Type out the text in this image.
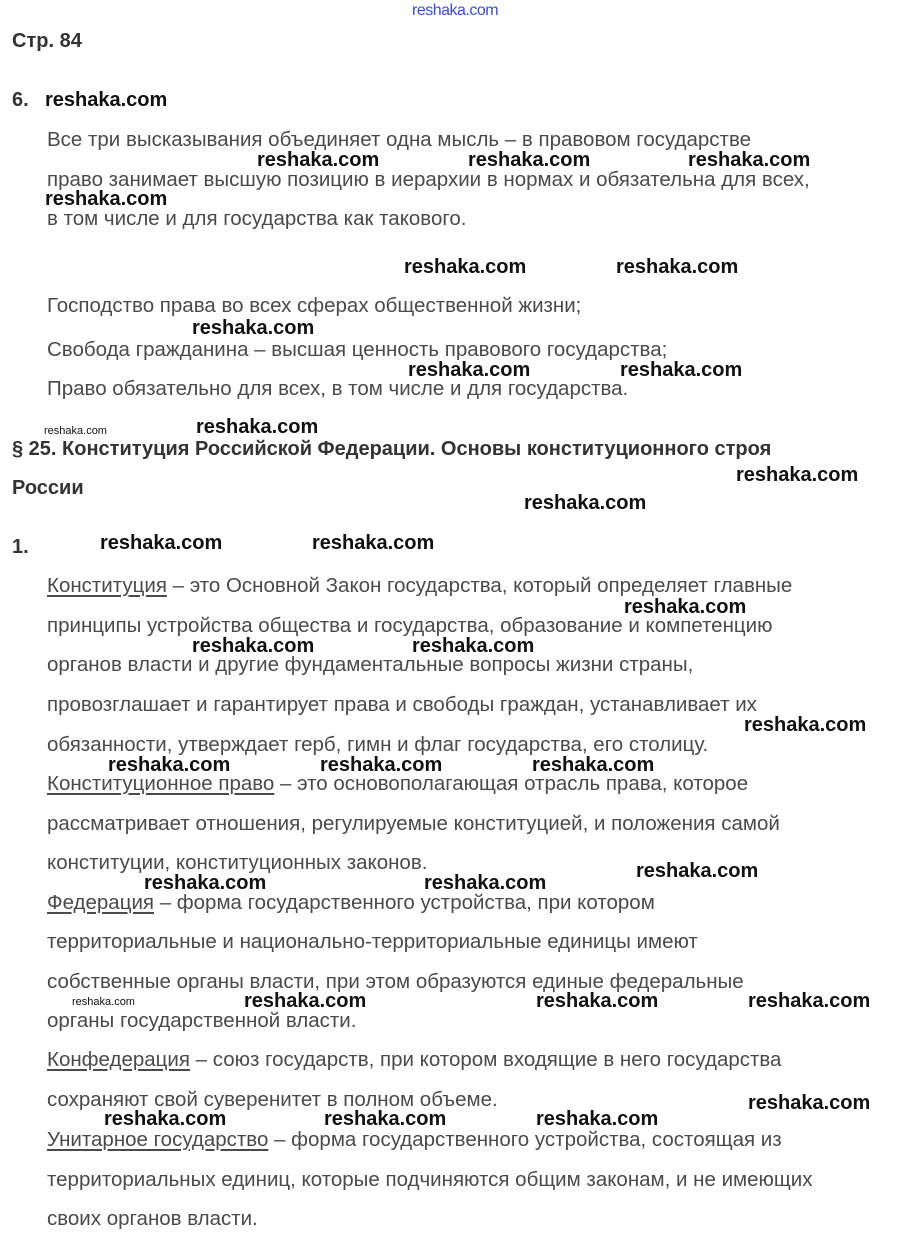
Стр. 84
6.
Все три высказывания объединяет одна мысль – в правовом государстве
право занимает высшую позицию в иерархии в нормах и обязательна для всех,
в том числе и для государства как такового.
Господство права во всех сферах общественной жизни;
Свобода гражданина – высшая ценность правового государства;
Право обязательно для всех, в том числе и для государства.
§ 25. Конституция Российской Федерации. Основы конституционного строя
России
1.
Конституция – это Основной Закон государства, который определяет главные
принципы устройства общества и государства, образование и компетенцию
органов власти и другие фундаментальные вопросы жизни страны,
провозглашает и гарантирует права и свободы граждан, устанавливает их
обязанности, утверждает герб, гимн и флаг государства, его столицу.
Конституционное право – это основополагающая отрасль права, которое
рассматривает отношения, регулируемые конституцией, и положения самой
конституции, конституционных законов.
Федерация – форма государственного устройства, при котором
территориальные и национально-территориальные единицы имеют
собственные органы власти, при этом образуются единые федеральные
органы государственной власти.
Конфедерация – союз государств, при котором входящие в него государства
сохраняют свой суверенитет в полном объеме.
Унитарное государство – форма государственного устройства, состоящая из
территориальных единиц, которые подчиняются общим законам, и не имеющих
своих органов власти.
reshaka.com
reshaka.com
reshaka.com	reshaka.com	reshaka.com
reshaka.com
reshaka.com	reshaka.com
reshaka.com
reshaka.com	reshaka.com
reshaka.com	reshaka.com
reshaka.com
reshaka.com
reshaka.com	reshaka.com
reshaka.com
reshaka.com	reshaka.com
reshaka.com
reshaka.com	reshaka.com	reshaka.com
reshaka.com
reshaka.com	reshaka.com
reshaka.com	reshaka.com	reshaka.com	reshaka.com
reshaka.com
reshaka.com	reshaka.com	reshaka.com
